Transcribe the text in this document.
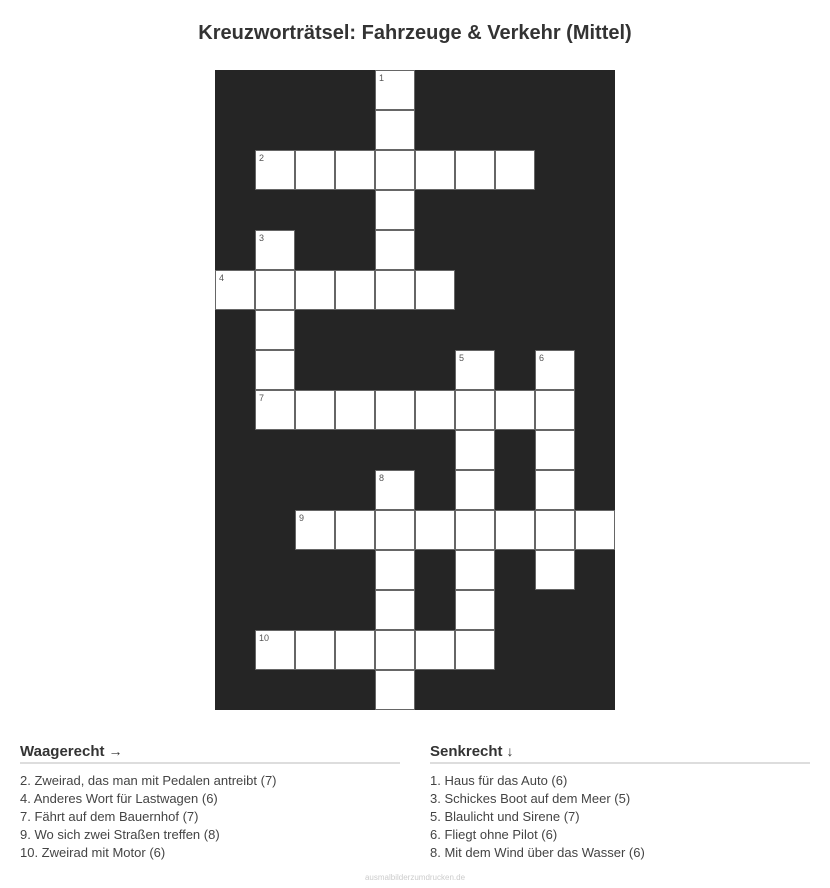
Kreuzworträtsel: Fahrzeuge & Verkehr (Mittel)
1
2
3
7
4
5	6
8
9
10
Waagerecht →
2. Zweirad, das man mit Pedalen antreibt (7)
4. Anderes Wort für Lastwagen (6)
7. Fährt auf dem Bauernhof (7)
9. Wo sich zwei Straßen treffen (8)
10. Zweirad mit Motor (6)
Senkrecht ↓
1. Haus für das Auto (6)
3. Schickes Boot auf dem Meer (5)
5. Blaulicht und Sirene (7)
6. Fliegt ohne Pilot (6)
8. Mit dem Wind über das Wasser (6)
ausmalbilderzumdrucken.de
